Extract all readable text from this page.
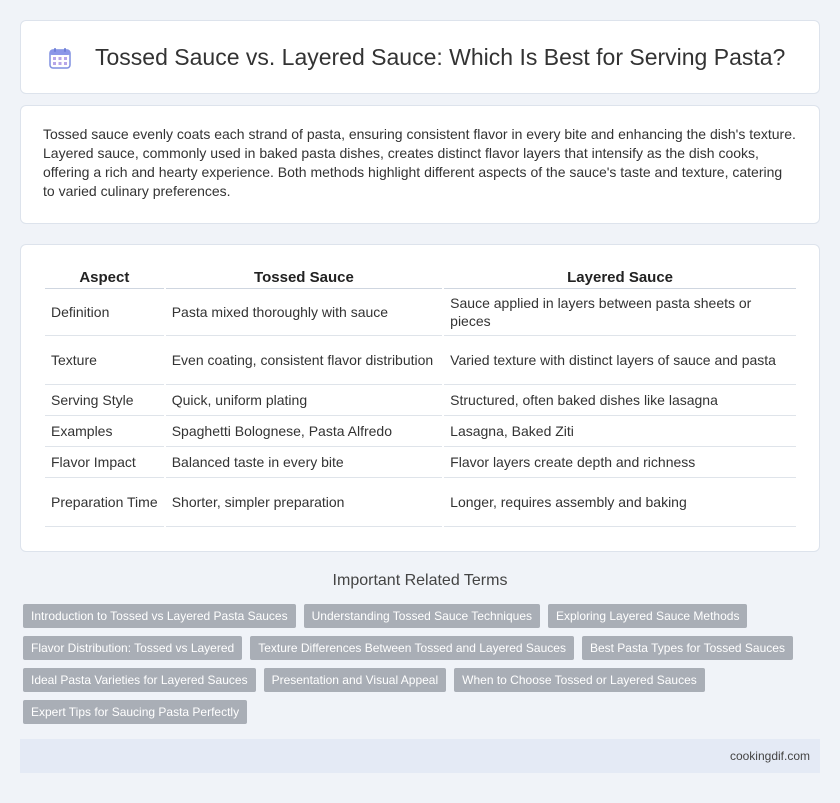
Tossed Sauce vs. Layered Sauce: Which Is Best for Serving Pasta?

Tossed sauce evenly coats each strand of pasta, ensuring consistent flavor in every bite and enhancing the dish's texture. Layered sauce, commonly used in baked pasta dishes, creates distinct flavor layers that intensify as the dish cooks, offering a rich and hearty experience. Both methods highlight different aspects of the sauce's taste and texture, catering to varied culinary preferences.

Aspect	Tossed Sauce	Layered Sauce
Definition	Pasta mixed thoroughly with sauce	Sauce applied in layers between pasta sheets or pieces
Texture	Even coating, consistent flavor distribution	Varied texture with distinct layers of sauce and pasta
Serving Style	Quick, uniform plating	Structured, often baked dishes like lasagna
Examples	Spaghetti Bolognese, Pasta Alfredo	Lasagna, Baked Ziti
Flavor Impact	Balanced taste in every bite	Flavor layers create depth and richness
Preparation Time	Shorter, simpler preparation	Longer, requires assembly and baking
Important Related Terms
Introduction to Tossed vs Layered Pasta Sauces	Understanding Tossed Sauce Techniques	Exploring Layered Sauce Methods
Flavor Distribution: Tossed vs Layered	Texture Differences Between Tossed and Layered Sauces	Best Pasta Types for Tossed Sauces
Ideal Pasta Varieties for Layered Sauces	Presentation and Visual Appeal	When to Choose Tossed or Layered Sauces
Expert Tips for Saucing Pasta Perfectly
cookingdif.com
